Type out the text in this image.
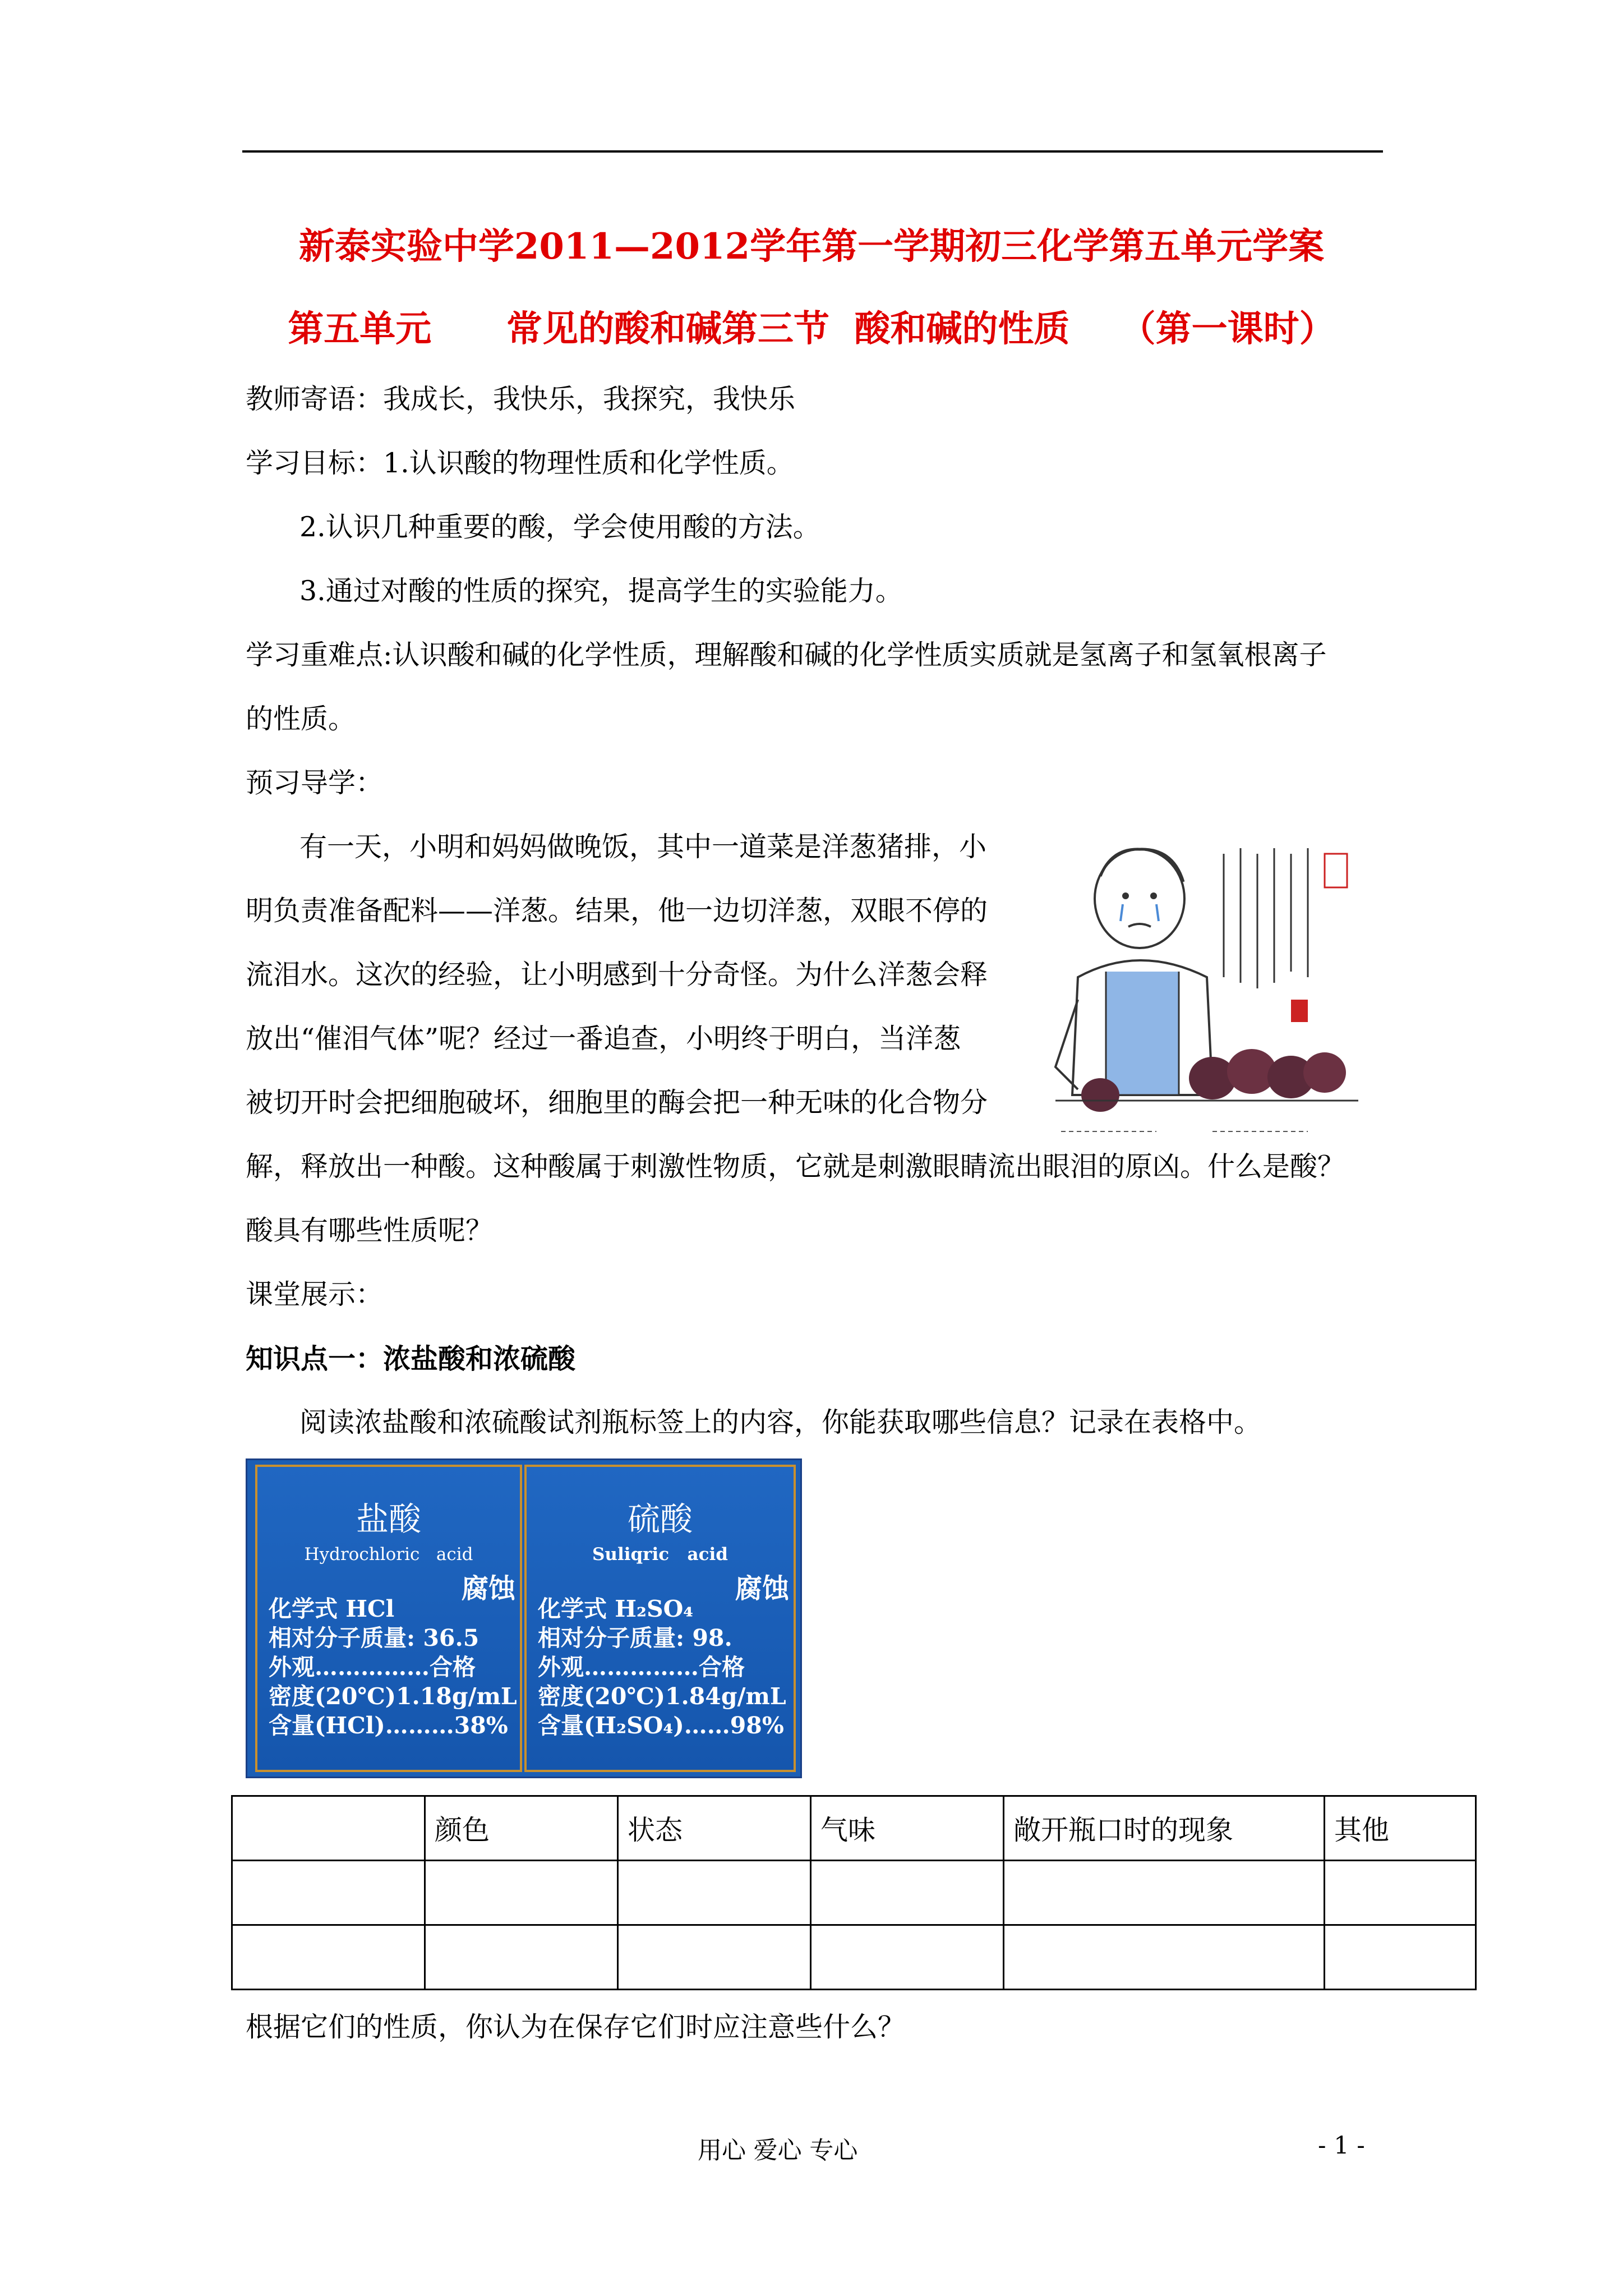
新泰实验中学2011—2012学年第一学期初三化学第五单元学案
第五单元      常见的酸和碱第三节  酸和碱的性质    （第一课时）
教师寄语：我成长，我快乐，我探究，我快乐
学习目标：1.认识酸的物理性质和化学性质。
2.认识几种重要的酸，学会使用酸的方法。
3.通过对酸的性质的探究，提高学生的实验能力。
学习重难点:认识酸和碱的化学性质，理解酸和碱的化学性质实质就是氢离子和氢氧根离子
的性质。
预习导学：
有一天，小明和妈妈做晚饭，其中一道菜是洋葱猪排，小
明负责准备配料——洋葱。结果，他一边切洋葱，双眼不停的
流泪水。这次的经验，让小明感到十分奇怪。为什么洋葱会释
放出“催泪气体”呢？经过一番追查，小明终于明白，当洋葱
被切开时会把细胞破坏，细胞里的酶会把一种无味的化合物分
解，释放出一种酸。这种酸属于刺激性物质，它就是刺激眼睛流出眼泪的原凶。什么是酸？
酸具有哪些性质呢？
课堂展示：
知识点一：浓盐酸和浓硫酸
阅读浓盐酸和浓硫酸试剂瓶标签上的内容，你能获取哪些信息？记录在表格中。
盐酸
Hydrochloric   acid
腐蚀
化学式 HCl
相对分子质量: 36.5
外观……………合格
密度(20℃)1.18g/mL
含量(HCl)………38%
硫酸
Suliqric   acid
腐蚀
化学式 H₂SO₄
相对分子质量: 98.
外观……………合格
密度(20℃)1.84g/mL
含量(H₂SO₄)……98%
	颜色	状态	气味	敞开瓶口时的现象	其他

根据它们的性质，你认为在保存它们时应注意些什么？
用心 爱心 专心	- 1 -
